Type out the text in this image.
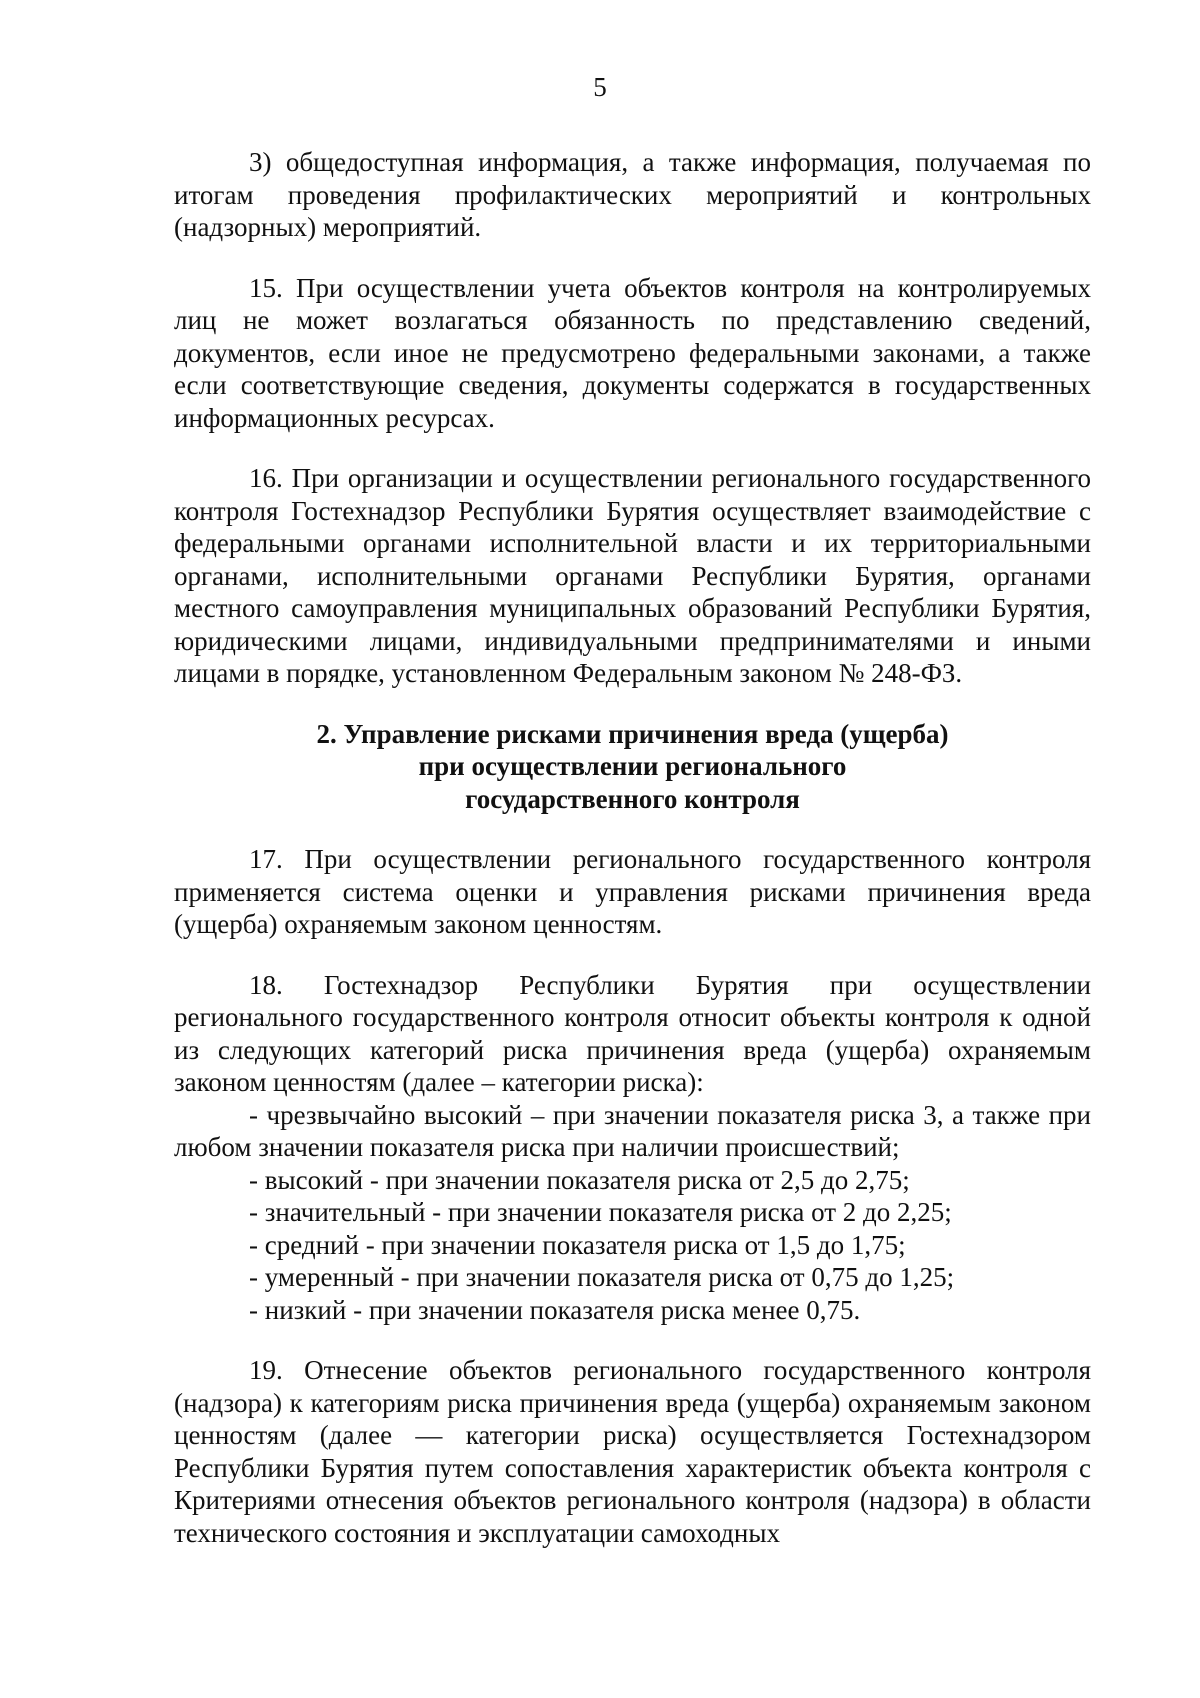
5

3) общедоступная информация, а также информация, получаемая по итогам проведения профилактических мероприятий и контрольных (надзорных) мероприятий.

15. При осуществлении учета объектов контроля на контролируемых лиц не может возлагаться обязанность по представлению сведений, документов, если иное не предусмотрено федеральными законами, а также если соответствующие сведения, документы содержатся в государственных информационных ресурсах.

16. При организации и осуществлении регионального государственного контроля Гостехнадзор Республики Бурятия осуществляет взаимодействие с федеральными органами исполнительной власти и их территориальными органами, исполнительными органами Республики Бурятия, органами местного самоуправления муниципальных образований Республики Бурятия, юридическими лицами, индивидуальными предпринимателями и иными лицами в порядке, установленном Федеральным законом № 248-ФЗ.

2. Управление рисками причинения вреда (ущерба)
при осуществлении регионального
государственного контроля

17. При осуществлении регионального государственного контроля применяется система оценки и управления рисками причинения вреда (ущерба) охраняемым законом ценностям.

18. Гостехнадзор Республики Бурятия при осуществлении регионального государственного контроля относит объекты контроля к одной из следующих категорий риска причинения вреда (ущерба) охраняемым законом ценностям (далее – категории риска):

- чрезвычайно высокий – при значении показателя риска 3, а также при любом значении показателя риска при наличии происшествий;

- высокий - при значении показателя риска от 2,5 до 2,75;

- значительный - при значении показателя риска от 2 до 2,25;

- средний - при значении показателя риска от 1,5 до 1,75;

- умеренный - при значении показателя риска от 0,75 до 1,25;

- низкий - при значении показателя риска менее 0,75.

19. Отнесение объектов регионального государственного контроля (надзора) к категориям риска причинения вреда (ущерба) охраняемым законом ценностям (далее — категории риска) осуществляется Гостехнадзором Республики Бурятия путем сопоставления характеристик объекта контроля с Критериями отнесения объектов регионального контроля (надзора) в области технического состояния и эксплуатации самоходных
